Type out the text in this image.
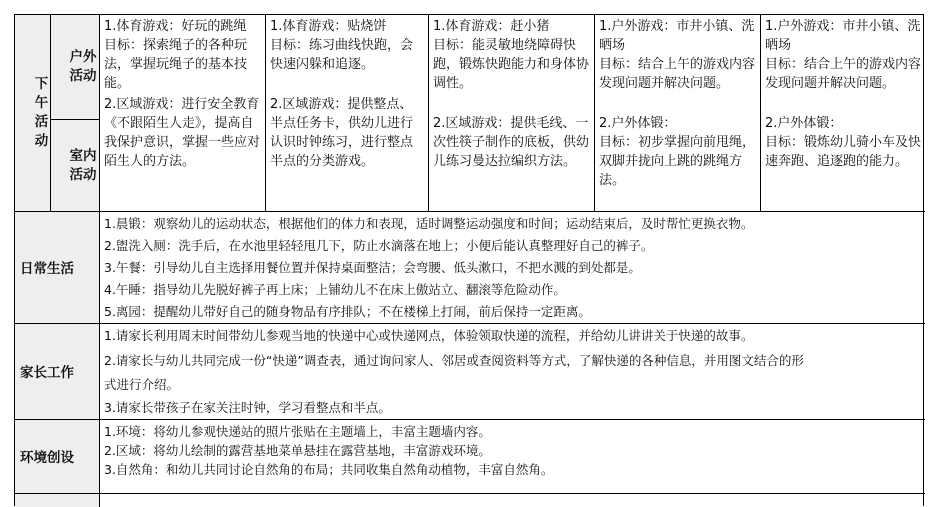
下午活动
户外活动
室内活动
1.体育游戏：好玩的跳绳
目标：探索绳子的各种玩法，掌握玩绳子的基本技能。
2.区域游戏：进行安全教育《不跟陌生人走》，提高自我保护意识，掌握一些应对陌生人的方法。
1.体育游戏：贴烧饼
目标：练习曲线快跑，会快速闪躲和追逐。
2.区域游戏：提供整点、半点任务卡，供幼儿进行认识时钟练习，进行整点半点的分类游戏。
1.体育游戏：赶小猪
目标：能灵敏地绕障碍快跑，锻炼快跑能力和身体协调性。
2.区域游戏：提供毛线、一次性筷子制作的底板，供幼儿练习曼达拉编织方法。
1.户外游戏：市井小镇、洗晒场
目标：结合上午的游戏内容发现问题并解决问题。
2.户外体锻：
目标：初步掌握向前甩绳，双脚并拢向上跳的跳绳方法。
1.户外游戏：市井小镇、洗晒场
目标：结合上午的游戏内容发现问题并解决问题。
2.户外体锻：
目标：锻炼幼儿骑小车及快速奔跑、追逐跑的能力。
日常生活
1.晨锻：观察幼儿的运动状态，根据他们的体力和表现，适时调整运动强度和时间；运动结束后，及时帮忙更换衣物。
2.盥洗入厕：洗手后，在水池里轻轻甩几下，防止水滴落在地上；小便后能认真整理好自己的裤子。
3.午餐：引导幼儿自主选择用餐位置并保持桌面整洁；会弯腰、低头漱口，不把水溅的到处都是。
4.午睡：指导幼儿先脱好裤子再上床；上铺幼儿不在床上傲站立、翻滚等危险动作。
5.离园：提醒幼儿带好自己的随身物品有序排队；不在楼梯上打闹，前后保持一定距离。
家长工作
1.请家长利用周末时间带幼儿参观当地的快递中心或快递网点，体验领取快递的流程，并给幼儿讲讲关于快递的故事。
2.请家长与幼儿共同完成一份“快递”调查表，通过询问家人、邻居或查阅资料等方式，了解快递的各种信息，并用图文结合的形
式进行介绍。
3.请家长带孩子在家关注时钟，学习看整点和半点。
环境创设
1.环境：将幼儿参观快递站的照片张贴在主题墙上，丰富主题墙内容。
2.区域：将幼儿绘制的露营基地菜单悬挂在露营基地，丰富游戏环境。
3.自然角：和幼儿共同讨论自然角的布局；共同收集自然角动植物，丰富自然角。
